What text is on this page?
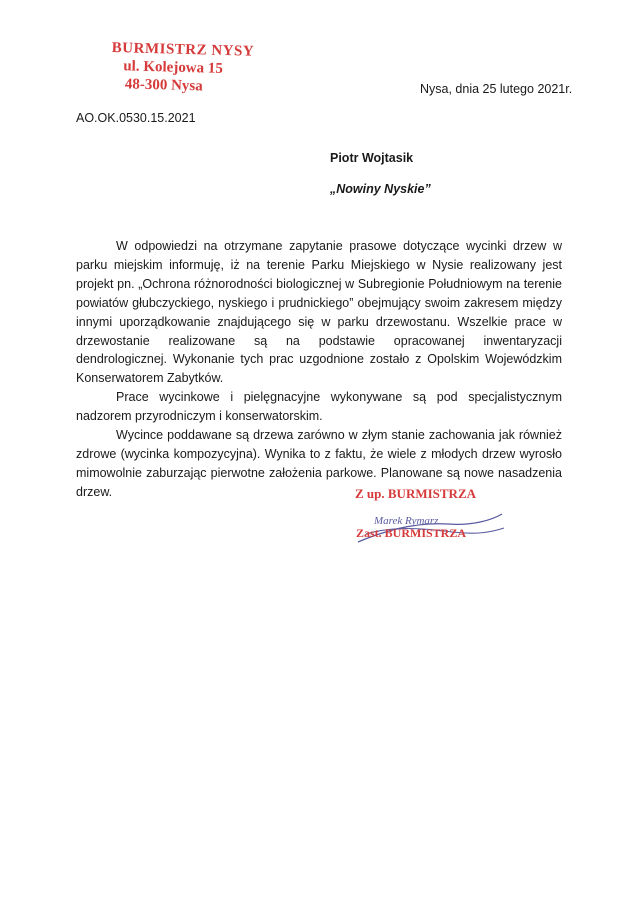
BURMISTRZ NYSY
ul. Kolejowa 15
48-300 Nysa	Nysa, dnia 25 lutego 2021r.
AO.OK.0530.15.2021
Piotr Wojtasik
„Nowiny Nyskie”

W odpowiedzi na otrzymane zapytanie prasowe dotyczące wycinki drzew w parku miejskim informuję, iż na terenie Parku Miejskiego w Nysie realizowany jest projekt pn. „Ochrona różnorodności biologicznej w Subregionie Południowym na terenie powiatów głubczyckiego, nyskiego i prudnickiego” obejmujący swoim zakresem między innymi uporządkowanie znajdującego się w parku drzewostanu. Wszelkie prace w drzewostanie realizowane są na podstawie opracowanej inwentaryzacji dendrologicznej. Wykonanie tych prac uzgodnione zostało z Opolskim Wojewódzkim Konserwatorem Zabytków.

Prace wycinkowe i pielęgnacyjne wykonywane są pod specjalistycznym nadzorem przyrodniczym i konserwatorskim.

Wycince poddawane są drzewa zarówno w złym stanie zachowania jak również zdrowe (wycinka kompozycyjna). Wynika to z faktu, że wiele z młodych drzew wyrosło mimowolnie zaburzając pierwotne założenia parkowe. Planowane są nowe nasadzenia drzew.	Z up. BURMISTRZA
Marek Rymarz
Zast. BURMISTRZA
